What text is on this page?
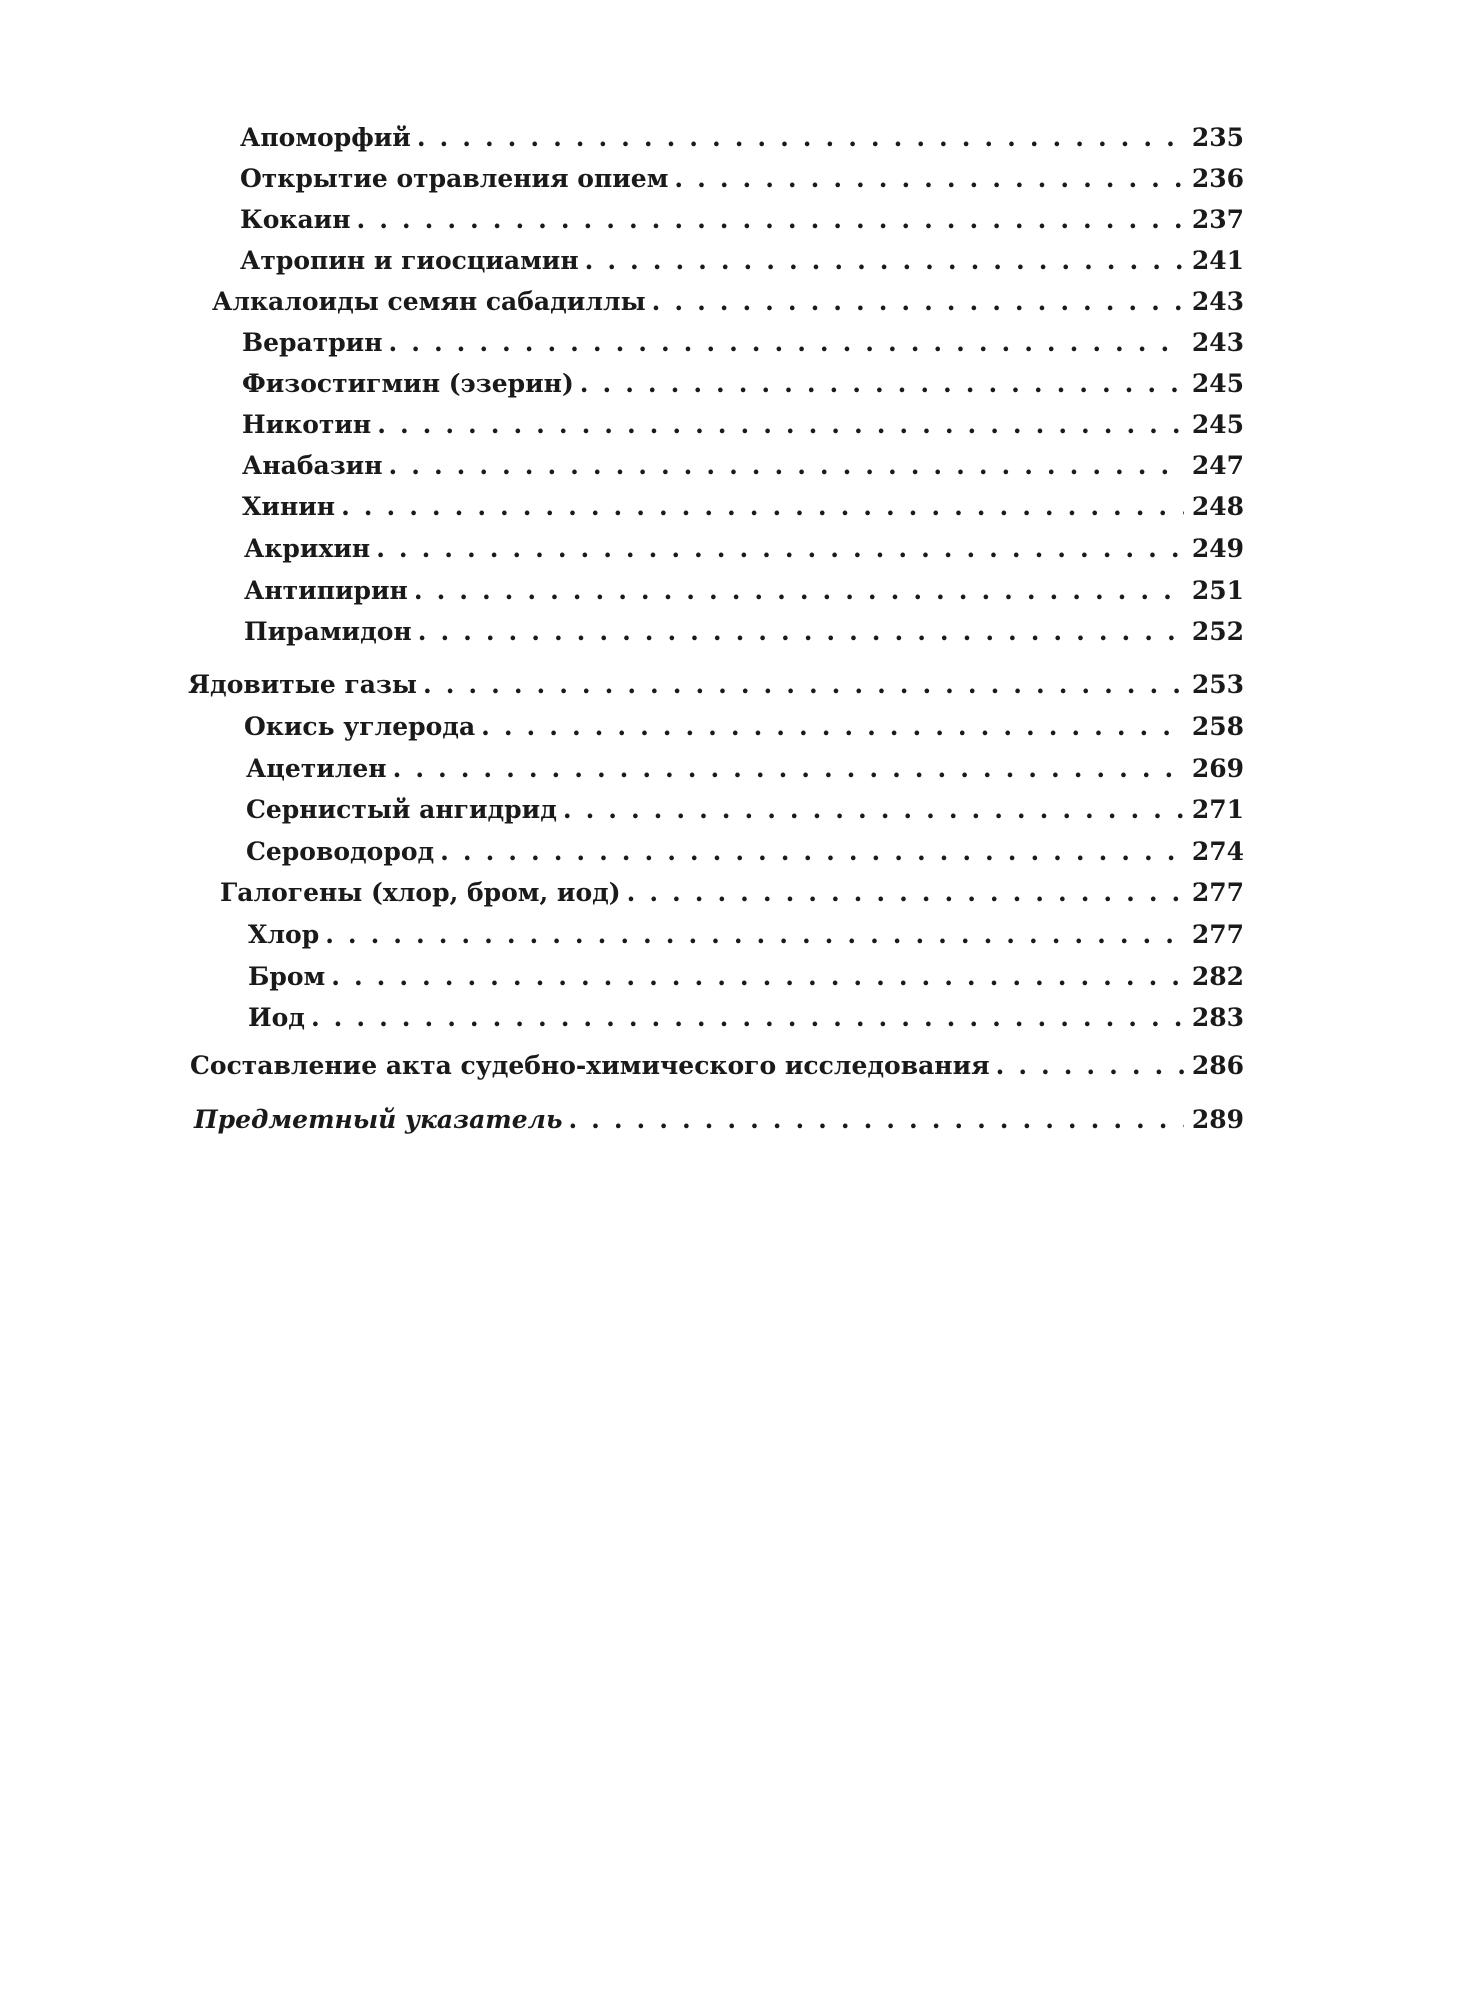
Апоморфий .....	235
Открытие отравления опием .....	236
Кокаин .....	237
Атропин и гиосциамин .....	241
Алкалоиды семян сабадиллы .....	243
Вератрин .....	243
Физостигмин (эзерин) .....	245
Никотин .....	245
Анабазин .....	247
Хинин .....	248
Акрихин .....	249
Антипирин .....	251
Пирамидон .....	252
Ядовитые газы .....	253
Окись углерода .....	258
Ацетилен .....	269
Сернистый ангидрид .....	271
Сероводород .....	274
Галогены (хлор, бром, иод) .....	277
Хлор .....	277
Бром .....	282
Иод .....	283
Составление акта судебно-химического исследования .....	286
Предметный указатель .....	289
